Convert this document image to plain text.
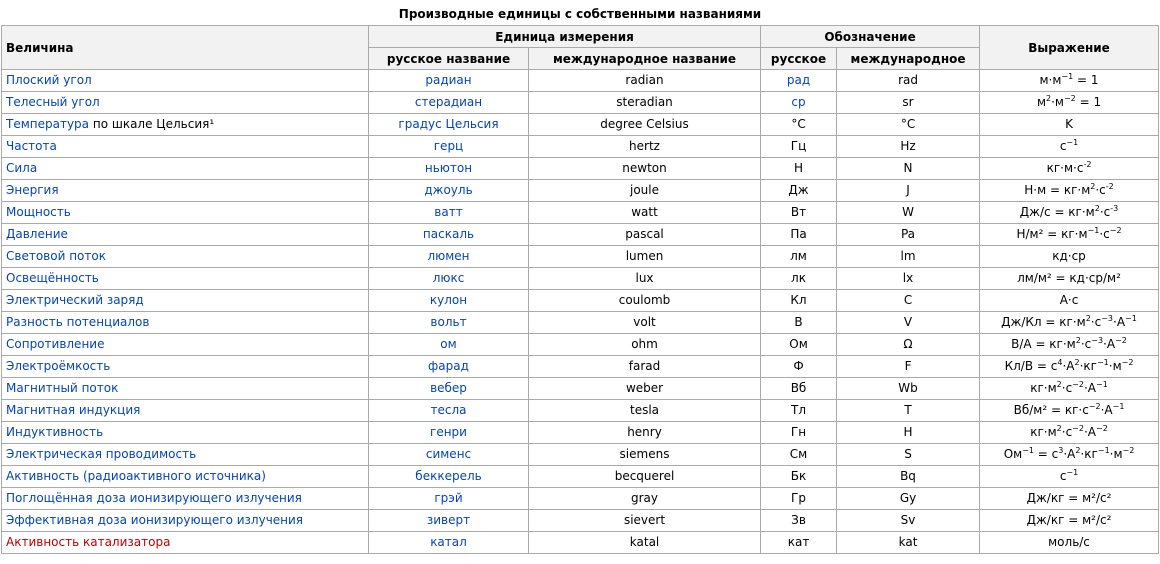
Производные единицы с собственными названиями
Величина	Единица измерения		Обозначение		Выражение
	русское название	международное название	русское	международное	
Плоский угол	радиан	radian	рад	rad	$м\cdot м^{-1} = 1$
Телесный угол	стерадиан	steradian	ср	sr	$м^2\cdot м^{-2} = 1$
Температура по шкале Цельсия¹	градус Цельсия	degree Celsius	°C	°C	K
Частота	герц	hertz	Гц	Hz	$с^{-1}$
Сила	ньютон	newton	Н	N	$кг\cdot м\cdot с^{-2}$
Энергия	джоуль	joule	Дж	J	$Н\cdot м = кг\cdot м^2\cdot с^{-2}$
Мощность	ватт	watt	Вт	W	$Дж/с = кг\cdot м^2\cdot с^{-3}$
Давление	паскаль	pascal	Па	Pa	$Н/м^2 = кг\cdot м^{-1}\cdot с^{-2}$
Световой поток	люмен	lumen	лм	lm	кд·ср
Освещённость	люкс	lux	лк	lx	лм/м² = кд·ср/м²
Электрический заряд	кулон	coulomb	Кл	C	А·с
Разность потенциалов	вольт	volt	В	V	$Дж/Кл = кг\cdot м^2\cdot с^{-3}\cdot А^{-1}$
Сопротивление	ом	ohm	Ом	Ω	$В/А = кг\cdot м^2\cdot с^{-3}\cdot А^{-2}$
Электроёмкость	фарад	farad	Ф	F	$Кл/В = с^4\cdot А^2\cdot кг^{-1}\cdot м^{-2}$
Магнитный поток	вебер	weber	Вб	Wb	$кг\cdot м^2\cdot с^{-2}\cdot А^{-1}$
Магнитная индукция	тесла	tesla	Тл	T	$Вб/м^2 = кг\cdot с^{-2}\cdot А^{-1}$
Индуктивность	генри	henry	Гн	H	$кг\cdot м^2\cdot с^{-2}\cdot А^{-2}$
Электрическая проводимость	сименс	siemens	См	S	$Ом^{-1} = с^3\cdot А^2\cdot кг^{-1}\cdot м^{-2}$
Активность (радиоактивного источника)	беккерель	becquerel	Бк	Bq	$с^{-1}$
Поглощённая доза ионизирующего излучения	грэй	gray	Гр	Gy	Дж/кг = м²/с²
Эффективная доза ионизирующего излучения	зиверт	sievert	Зв	Sv	Дж/кг = м²/с²
Активность катализатора	катал	katal	кат	kat	моль/с
